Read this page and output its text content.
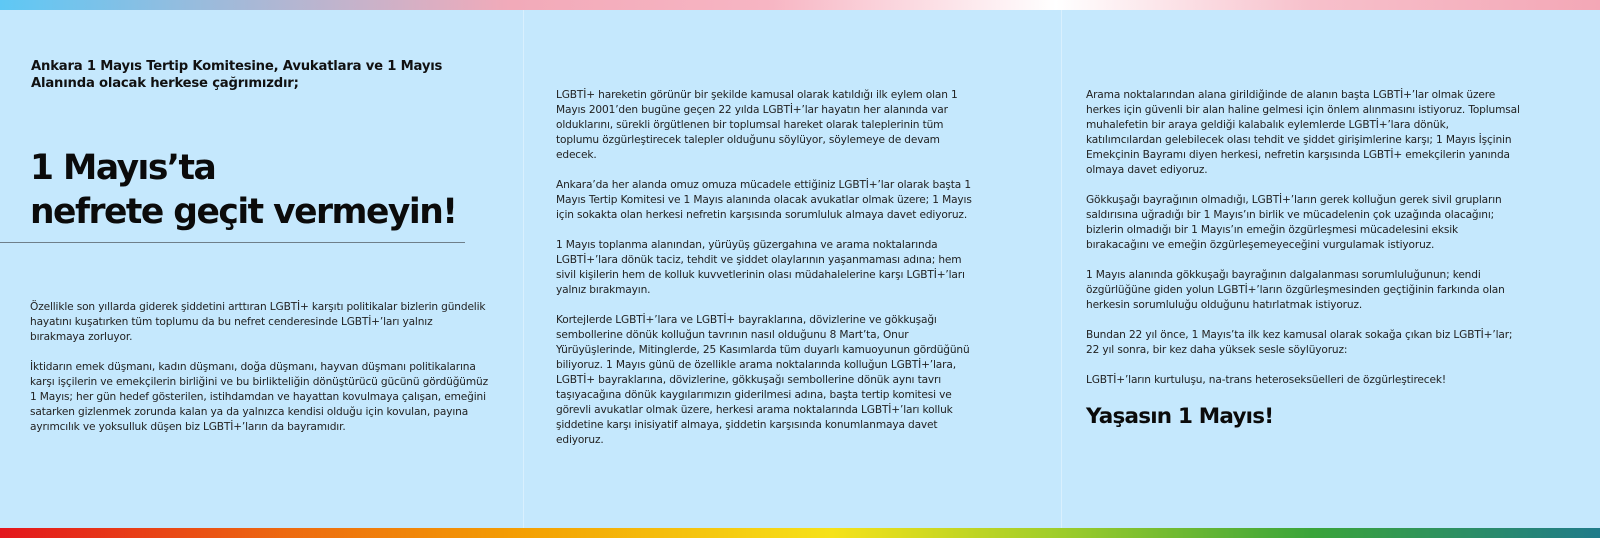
Ankara 1 Mayıs Tertip Komitesine, Avukatlara ve 1 Mayıs Alanında olacak herkese çağrımızdır;
1 Mayıs’ta
nefrete geçit vermeyin!

Özellikle son yıllarda giderek şiddetini arttıran LGBTİ+ karşıtı politikalar bizlerin gündelik hayatını kuşatırken tüm toplumu da bu nefret cenderesinde LGBTİ+’ları yalnız bırakmaya zorluyor.

İktidarın emek düşmanı, kadın düşmanı, doğa düşmanı, hayvan düşmanı politikalarına karşı işçilerin ve emekçilerin birliğini ve bu birlikteliğin dönüştürücü gücünü gördüğümüz 1 Mayıs; her gün hedef gösterilen, istihdamdan ve hayattan kovulmaya çalışan, emeğini satarken gizlenmek zorunda kalan ya da yalnızca kendisi olduğu için kovulan, payına ayrımcılık ve yoksulluk düşen biz LGBTİ+’ların da bayramıdır.

LGBTİ+ hareketin görünür bir şekilde kamusal olarak katıldığı ilk eylem olan 1 Mayıs 2001’den bugüne geçen 22 yılda LGBTİ+’lar hayatın her alanında var olduklarını, sürekli örgütlenen bir toplumsal hareket olarak taleplerinin tüm toplumu özgürleştirecek talepler olduğunu söylüyor, söylemeye de devam edecek.

Ankara’da her alanda omuz omuza mücadele ettiğiniz LGBTİ+’lar olarak başta 1 Mayıs Tertip Komitesi ve 1 Mayıs alanında olacak avukatlar olmak üzere; 1 Mayıs için sokakta olan herkesi nefretin karşısında sorumluluk almaya davet ediyoruz.

1 Mayıs toplanma alanından, yürüyüş güzergahına ve arama noktalarında LGBTİ+’lara dönük taciz, tehdit ve şiddet olaylarının yaşanmaması adına; hem sivil kişilerin hem de kolluk kuvvetlerinin olası müdahalelerine karşı LGBTİ+’ları yalnız bırakmayın.

Kortejlerde LGBTİ+’lara ve LGBTİ+ bayraklarına, dövizlerine ve gökkuşağı sembollerine dönük kolluğun tavrının nasıl olduğunu 8 Mart’ta, Onur Yürüyüşlerinde, Mitinglerde, 25 Kasımlarda tüm duyarlı kamuoyunun gördüğünü biliyoruz. 1 Mayıs günü de özellikle arama noktalarında kolluğun LGBTİ+’lara, LGBTİ+ bayraklarına, dövizlerine, gökkuşağı sembollerine dönük aynı tavrı taşıyacağına dönük kaygılarımızın giderilmesi adına, başta tertip komitesi ve görevli avukatlar olmak üzere, herkesi arama noktalarında LGBTİ+’ları kolluk şiddetine karşı inisiyatif almaya, şiddetin karşısında konumlanmaya davet ediyoruz.

Arama noktalarından alana girildiğinde de alanın başta LGBTİ+’lar olmak üzere herkes için güvenli bir alan haline gelmesi için önlem alınmasını istiyoruz. Toplumsal muhalefetin bir araya geldiği kalabalık eylemlerde LGBTİ+’lara dönük, katılımcılardan gelebilecek olası tehdit ve şiddet girişimlerine karşı; 1 Mayıs İşçinin Emekçinin Bayramı diyen herkesi, nefretin karşısında LGBTİ+ emekçilerin yanında olmaya davet ediyoruz.

Gökkuşağı bayrağının olmadığı, LGBTİ+’ların gerek kolluğun gerek sivil grupların saldırısına uğradığı bir 1 Mayıs’ın birlik ve mücadelenin çok uzağında olacağını; bizlerin olmadığı bir 1 Mayıs’ın emeğin özgürleşmesi mücadelesini eksik bırakacağını ve emeğin özgürleşemeyeceğini vurgulamak istiyoruz.

1 Mayıs alanında gökkuşağı bayrağının dalgalanması sorumluluğunun; kendi özgürlüğüne giden yolun LGBTİ+’ların özgürleşmesinden geçtiğinin farkında olan herkesin sorumluluğu olduğunu hatırlatmak istiyoruz.

Bundan 22 yıl önce, 1 Mayıs’ta ilk kez kamusal olarak sokağa çıkan biz LGBTİ+’lar; 22 yıl sonra, bir kez daha yüksek sesle söylüyoruz:

LGBTİ+’ların kurtuluşu, na-trans heteroseksüelleri de özgürleştirecek!

Yaşasın 1 Mayıs!
